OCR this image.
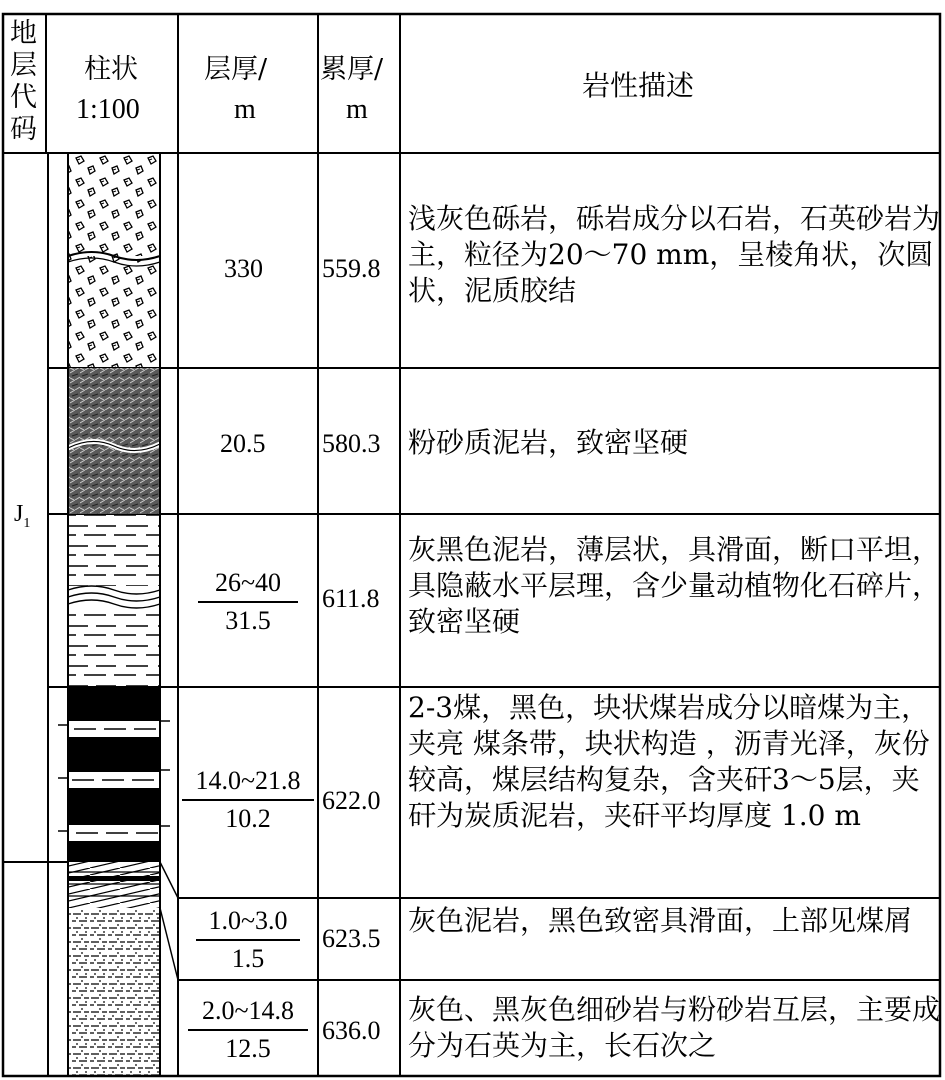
地
层
代
码
柱状
1:100
层厚/
m
累厚/
m
岩性描述
$J_1$
330 559.8
浅灰色砾岩，砾岩成分以石岩，石英砂岩为主，粒径为20～70 mm，呈棱角状，次圆状，泥质胶结
20.5 580.3 粉砂质泥岩，致密坚硬
$\frac{26\sim 40}{31.5} 611.8$
灰黑色泥岩，薄层状，具滑面，断口平坦，具隐蔽水平层理，含少量动植物化石碎片，致密坚硬
$\frac{14.0\sim 21.8}{10.2} 622.0$
2-3煤，黑色，块状煤岩成分以暗煤为主，夹亮 煤条带，块状构造 ，沥青光泽，灰份较高，煤层结构复杂，含夹矸3～5层，夹矸为炭质泥岩，夹矸平均厚度 1.0 m
$\frac{1.0\sim 3.0}{1.5} 623.5$
灰色泥岩，黑色致密具滑面，上部见煤屑
$\frac{2.0\sim 14.8}{12.5} 636.0$
灰色、黑灰色细砂岩与粉砂岩互层，主要成分为石英为主，长石次之
